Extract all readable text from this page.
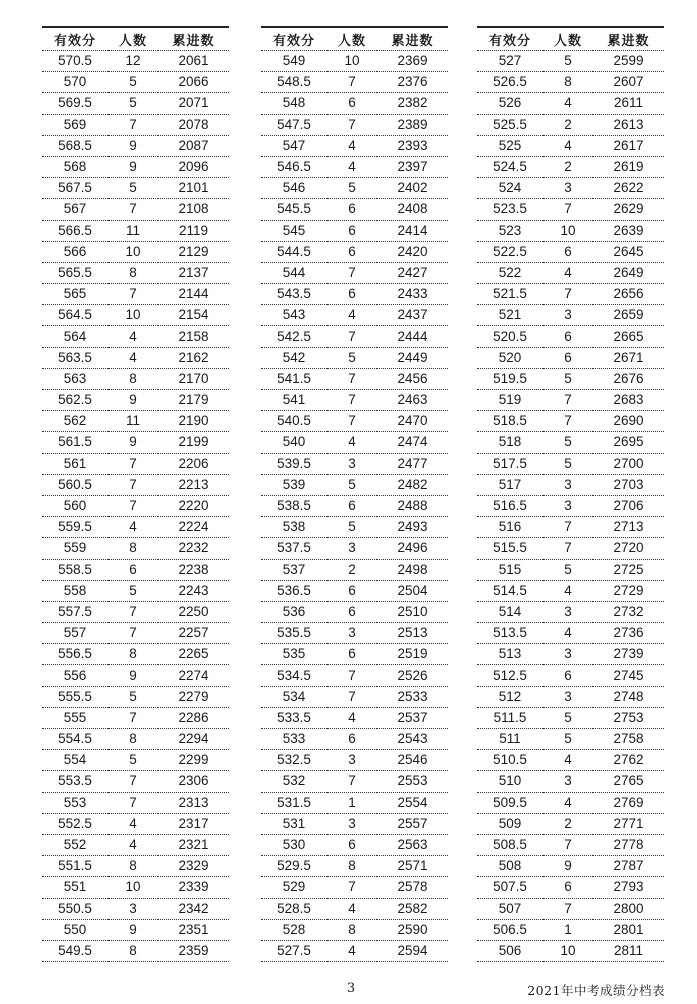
有效分	人数	累进数
570.5	12	2061
570	5	2066
569.5	5	2071
569	7	2078
568.5	9	2087
568	9	2096
567.5	5	2101
567	7	2108
566.5	11	2119
566	10	2129
565.5	8	2137
565	7	2144
564.5	10	2154
564	4	2158
563.5	4	2162
563	8	2170
562.5	9	2179
562	11	2190
561.5	9	2199
561	7	2206
560.5	7	2213
560	7	2220
559.5	4	2224
559	8	2232
558.5	6	2238
558	5	2243
557.5	7	2250
557	7	2257
556.5	8	2265
556	9	2274
555.5	5	2279
555	7	2286
554.5	8	2294
554	5	2299
553.5	7	2306
553	7	2313
552.5	4	2317
552	4	2321
551.5	8	2329
551	10	2339
550.5	3	2342
550	9	2351
549.5	8	2359
有效分	人数	累进数
549	10	2369
548.5	7	2376
548	6	2382
547.5	7	2389
547	4	2393
546.5	4	2397
546	5	2402
545.5	6	2408
545	6	2414
544.5	6	2420
544	7	2427
543.5	6	2433
543	4	2437
542.5	7	2444
542	5	2449
541.5	7	2456
541	7	2463
540.5	7	2470
540	4	2474
539.5	3	2477
539	5	2482
538.5	6	2488
538	5	2493
537.5	3	2496
537	2	2498
536.5	6	2504
536	6	2510
535.5	3	2513
535	6	2519
534.5	7	2526
534	7	2533
533.5	4	2537
533	6	2543
532.5	3	2546
532	7	2553
531.5	1	2554
531	3	2557
530	6	2563
529.5	8	2571
529	7	2578
528.5	4	2582
528	8	2590
527.5	4	2594
有效分	人数	累进数
527	5	2599
526.5	8	2607
526	4	2611
525.5	2	2613
525	4	2617
524.5	2	2619
524	3	2622
523.5	7	2629
523	10	2639
522.5	6	2645
522	4	2649
521.5	7	2656
521	3	2659
520.5	6	2665
520	6	2671
519.5	5	2676
519	7	2683
518.5	7	2690
518	5	2695
517.5	5	2700
517	3	2703
516.5	3	2706
516	7	2713
515.5	7	2720
515	5	2725
514.5	4	2729
514	3	2732
513.5	4	2736
513	3	2739
512.5	6	2745
512	3	2748
511.5	5	2753
511	5	2758
510.5	4	2762
510	3	2765
509.5	4	2769
509	2	2771
508.5	7	2778
508	9	2787
507.5	6	2793
507	7	2800
506.5	1	2801
506	10	2811
3	2021年中考成绩分档表
